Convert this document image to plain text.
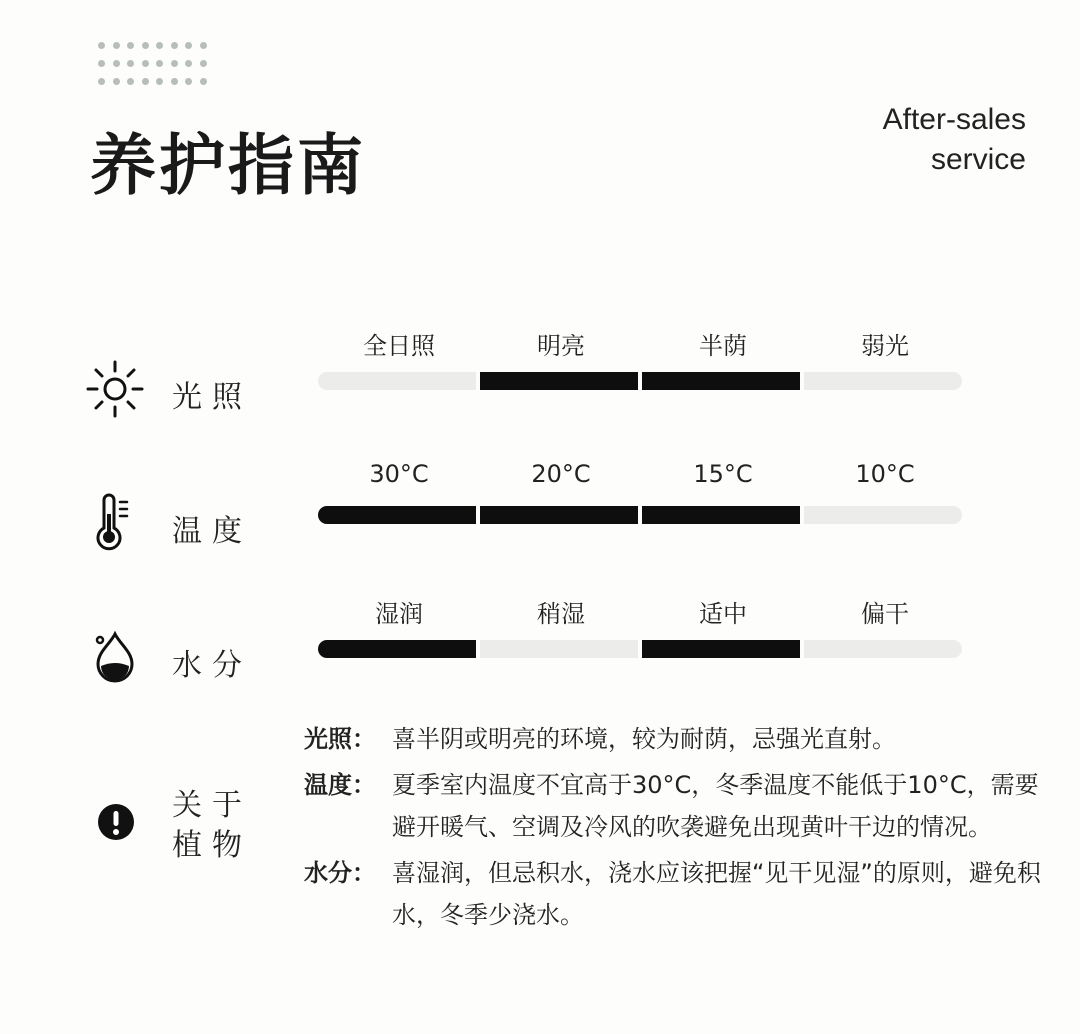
养护指南
After-sales
service
光照
全日照	明亮	半荫	弱光
温度
30°C	20°C	15°C	10°C
水分
湿润	稍湿	适中	偏干
关于
植物
光照： 喜半阴或明亮的环境，较为耐荫，忌强光直射。
温度： 夏季室内温度不宜高于30°C，冬季温度不能低于10°C，需要避开暖气、空调及冷风的吹袭避免出现黄叶干边的情况。
水分： 喜湿润，但忌积水，浇水应该把握“见干见湿”的原则，避免积水，冬季少浇水。
